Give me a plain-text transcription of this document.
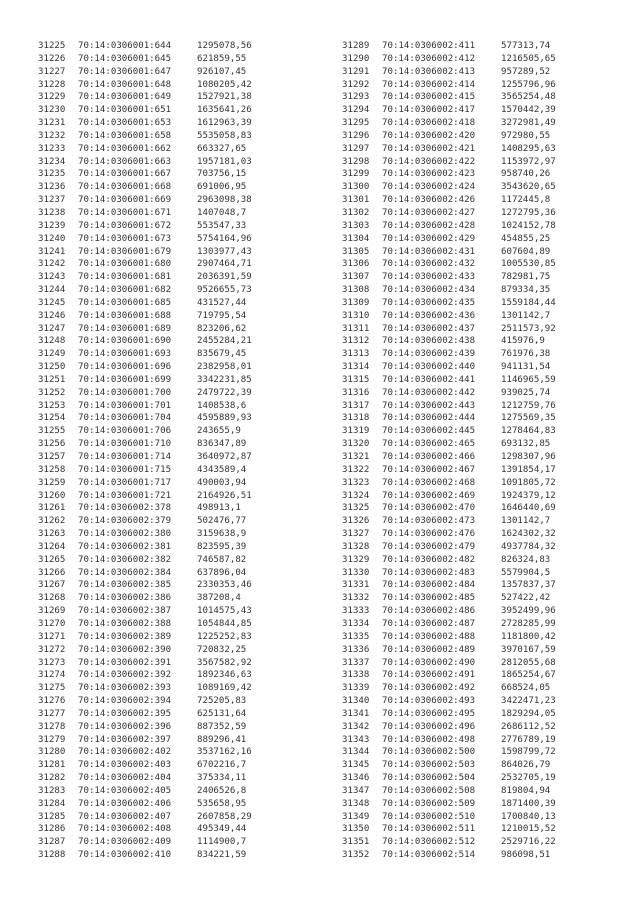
31225 70:14:0306001:644	1295078,56
31226 70:14:0306001:645	621859,55
31227 70:14:0306001:647	926107,45
31228 70:14:0306001:648	1080205,42
31229 70:14:0306001:649	1527921,38
31230 70:14:0306001:651	1635641,26
31231 70:14:0306001:653	1612963,39
31232 70:14:0306001:658	5535058,83
31233 70:14:0306001:662	663327,65
31234 70:14:0306001:663	1957181,03
31235 70:14:0306001:667	703756,15
31236 70:14:0306001:668	691006,95
31237 70:14:0306001:669	2963098,38
31238 70:14:0306001:671	1407048,7
31239 70:14:0306001:672	553547,33
31240 70:14:0306001:673	5754164,96
31241 70:14:0306001:679	1303977,43
31242 70:14:0306001:680	2907464,71
31243 70:14:0306001:681	2036391,59
31244 70:14:0306001:682	9526655,73
31245 70:14:0306001:685	431527,44
31246 70:14:0306001:688	719795,54
31247 70:14:0306001:689	823206,62
31248 70:14:0306001:690	2455284,21
31249 70:14:0306001:693	835679,45
31250 70:14:0306001:696	2382958,01
31251 70:14:0306001:699	3342231,85
31252 70:14:0306001:700	2479722,39
31253 70:14:0306001:701	1408538,6
31254 70:14:0306001:704	4595889,93
31255 70:14:0306001:706	243655,9
31256 70:14:0306001:710	836347,89
31257 70:14:0306001:714	3640972,87
31258 70:14:0306001:715	4343589,4
31259 70:14:0306001:717	490003,94
31260 70:14:0306001:721	2164926,51
31261 70:14:0306002:378	498913,1
31262 70:14:0306002:379	502476,77
31263 70:14:0306002:380	3159638,9
31264 70:14:0306002:381	823595,39
31265 70:14:0306002:382	746587,82
31266 70:14:0306002:384	637896,04
31267 70:14:0306002:385	2330353,46
31268 70:14:0306002:386	387208,4
31269 70:14:0306002:387	1014575,43
31270 70:14:0306002:388	1054844,85
31271 70:14:0306002:389	1225252,83
31272 70:14:0306002:390	720832,25
31273 70:14:0306002:391	3567582,92
31274 70:14:0306002:392	1892346,63
31275 70:14:0306002:393	1089169,42
31276 70:14:0306002:394	725205,83
31277 70:14:0306002:395	625131,64
31278 70:14:0306002:396	887352,59
31279 70:14:0306002:397	889296,41
31280 70:14:0306002:402	3537162,16
31281 70:14:0306002:403	6702216,7
31282 70:14:0306002:404	375334,11
31283 70:14:0306002:405	2406526,8
31284 70:14:0306002:406	535658,95
31285 70:14:0306002:407	2607858,29
31286 70:14:0306002:408	495349,44
31287 70:14:0306002:409	1114900,7
31288 70:14:0306002:410	834221,59
31289 70:14:0306002:411	577313,74
31290 70:14:0306002:412	1216505,65
31291 70:14:0306002:413	957289,52
31292 70:14:0306002:414	1255796,96
31293 70:14:0306002:415	3565254,48
31294 70:14:0306002:417	1570442,39
31295 70:14:0306002:418	3272981,49
31296 70:14:0306002:420	972980,55
31297 70:14:0306002:421	1408295,63
31298 70:14:0306002:422	1153972,97
31299 70:14:0306002:423	958740,26
31300 70:14:0306002:424	3543620,65
31301 70:14:0306002:426	1172445,8
31302 70:14:0306002:427	1272795,36
31303 70:14:0306002:428	1024152,78
31304 70:14:0306002:429	454855,25
31305 70:14:0306002:431	607604,89
31306 70:14:0306002:432	1005530,85
31307 70:14:0306002:433	782981,75
31308 70:14:0306002:434	879334,35
31309 70:14:0306002:435	1559184,44
31310 70:14:0306002:436	1301142,7
31311 70:14:0306002:437	2511573,92
31312 70:14:0306002:438	415976,9
31313 70:14:0306002:439	761976,38
31314 70:14:0306002:440	941131,54
31315 70:14:0306002:441	1146965,59
31316 70:14:0306002:442	939025,74
31317 70:14:0306002:443	1212759,76
31318 70:14:0306002:444	1275569,35
31319 70:14:0306002:445	1278464,83
31320 70:14:0306002:465	693132,85
31321 70:14:0306002:466	1298307,96
31322 70:14:0306002:467	1391854,17
31323 70:14:0306002:468	1091805,72
31324 70:14:0306002:469	1924379,12
31325 70:14:0306002:470	1646440,69
31326 70:14:0306002:473	1301142,7
31327 70:14:0306002:476	1624302,32
31328 70:14:0306002:479	4937784,32
31329 70:14:0306002:482	826324,83
31330 70:14:0306002:483	5579904,5
31331 70:14:0306002:484	1357837,37
31332 70:14:0306002:485	527422,42
31333 70:14:0306002:486	3952499,96
31334 70:14:0306002:487	2728285,99
31335 70:14:0306002:488	1181800,42
31336 70:14:0306002:489	3970167,59
31337 70:14:0306002:490	2812055,68
31338 70:14:0306002:491	1865254,67
31339 70:14:0306002:492	668524,05
31340 70:14:0306002:493	3422471,23
31341 70:14:0306002:495	1829294,05
31342 70:14:0306002:496	2686112,52
31343 70:14:0306002:498	2776789,19
31344 70:14:0306002:500	1598799,72
31345 70:14:0306002:503	864026,79
31346 70:14:0306002:504	2532705,19
31347 70:14:0306002:508	819804,94
31348 70:14:0306002:509	1871400,39
31349 70:14:0306002:510	1700840,13
31350 70:14:0306002:511	1210015,52
31351 70:14:0306002:512	2529716,22
31352 70:14:0306002:514	986098,51
